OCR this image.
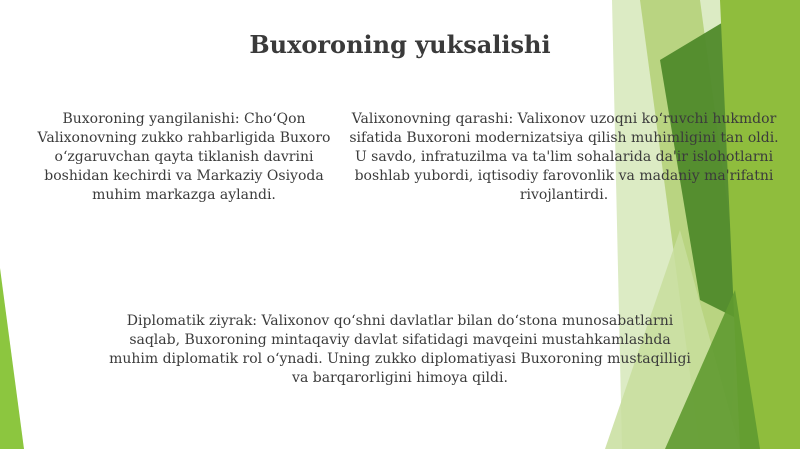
Buxoroning yuksalishi
Buxoroning yangilanishi: Cho‘Qon Valixonovning zukko rahbarligida Buxoro o‘zgaruvchan qayta tiklanish davrini boshidan kechirdi va Markaziy Osiyoda muhim markazga aylandi.
Valixonovning qarashi: Valixonov uzoqni ko‘ruvchi hukmdor sifatida Buxoroni modernizatsiya qilish muhimligini tan oldi. U savdo, infratuzilma va ta'lim sohalarida da'ir islohotlarni boshlab yubordi, iqtisodiy farovonlik va madaniy ma'rifatni rivojlantirdi.
Diplomatik ziyrak: Valixonov qo‘shni davlatlar bilan do‘stona munosabatlarni saqlab, Buxoroning mintaqaviy davlat sifatidagi mavqeini mustahkamlashda muhim diplomatik rol o‘ynadi. Uning zukko diplomatiyasi Buxoroning mustaqilligi va barqarorligini himoya qildi.
